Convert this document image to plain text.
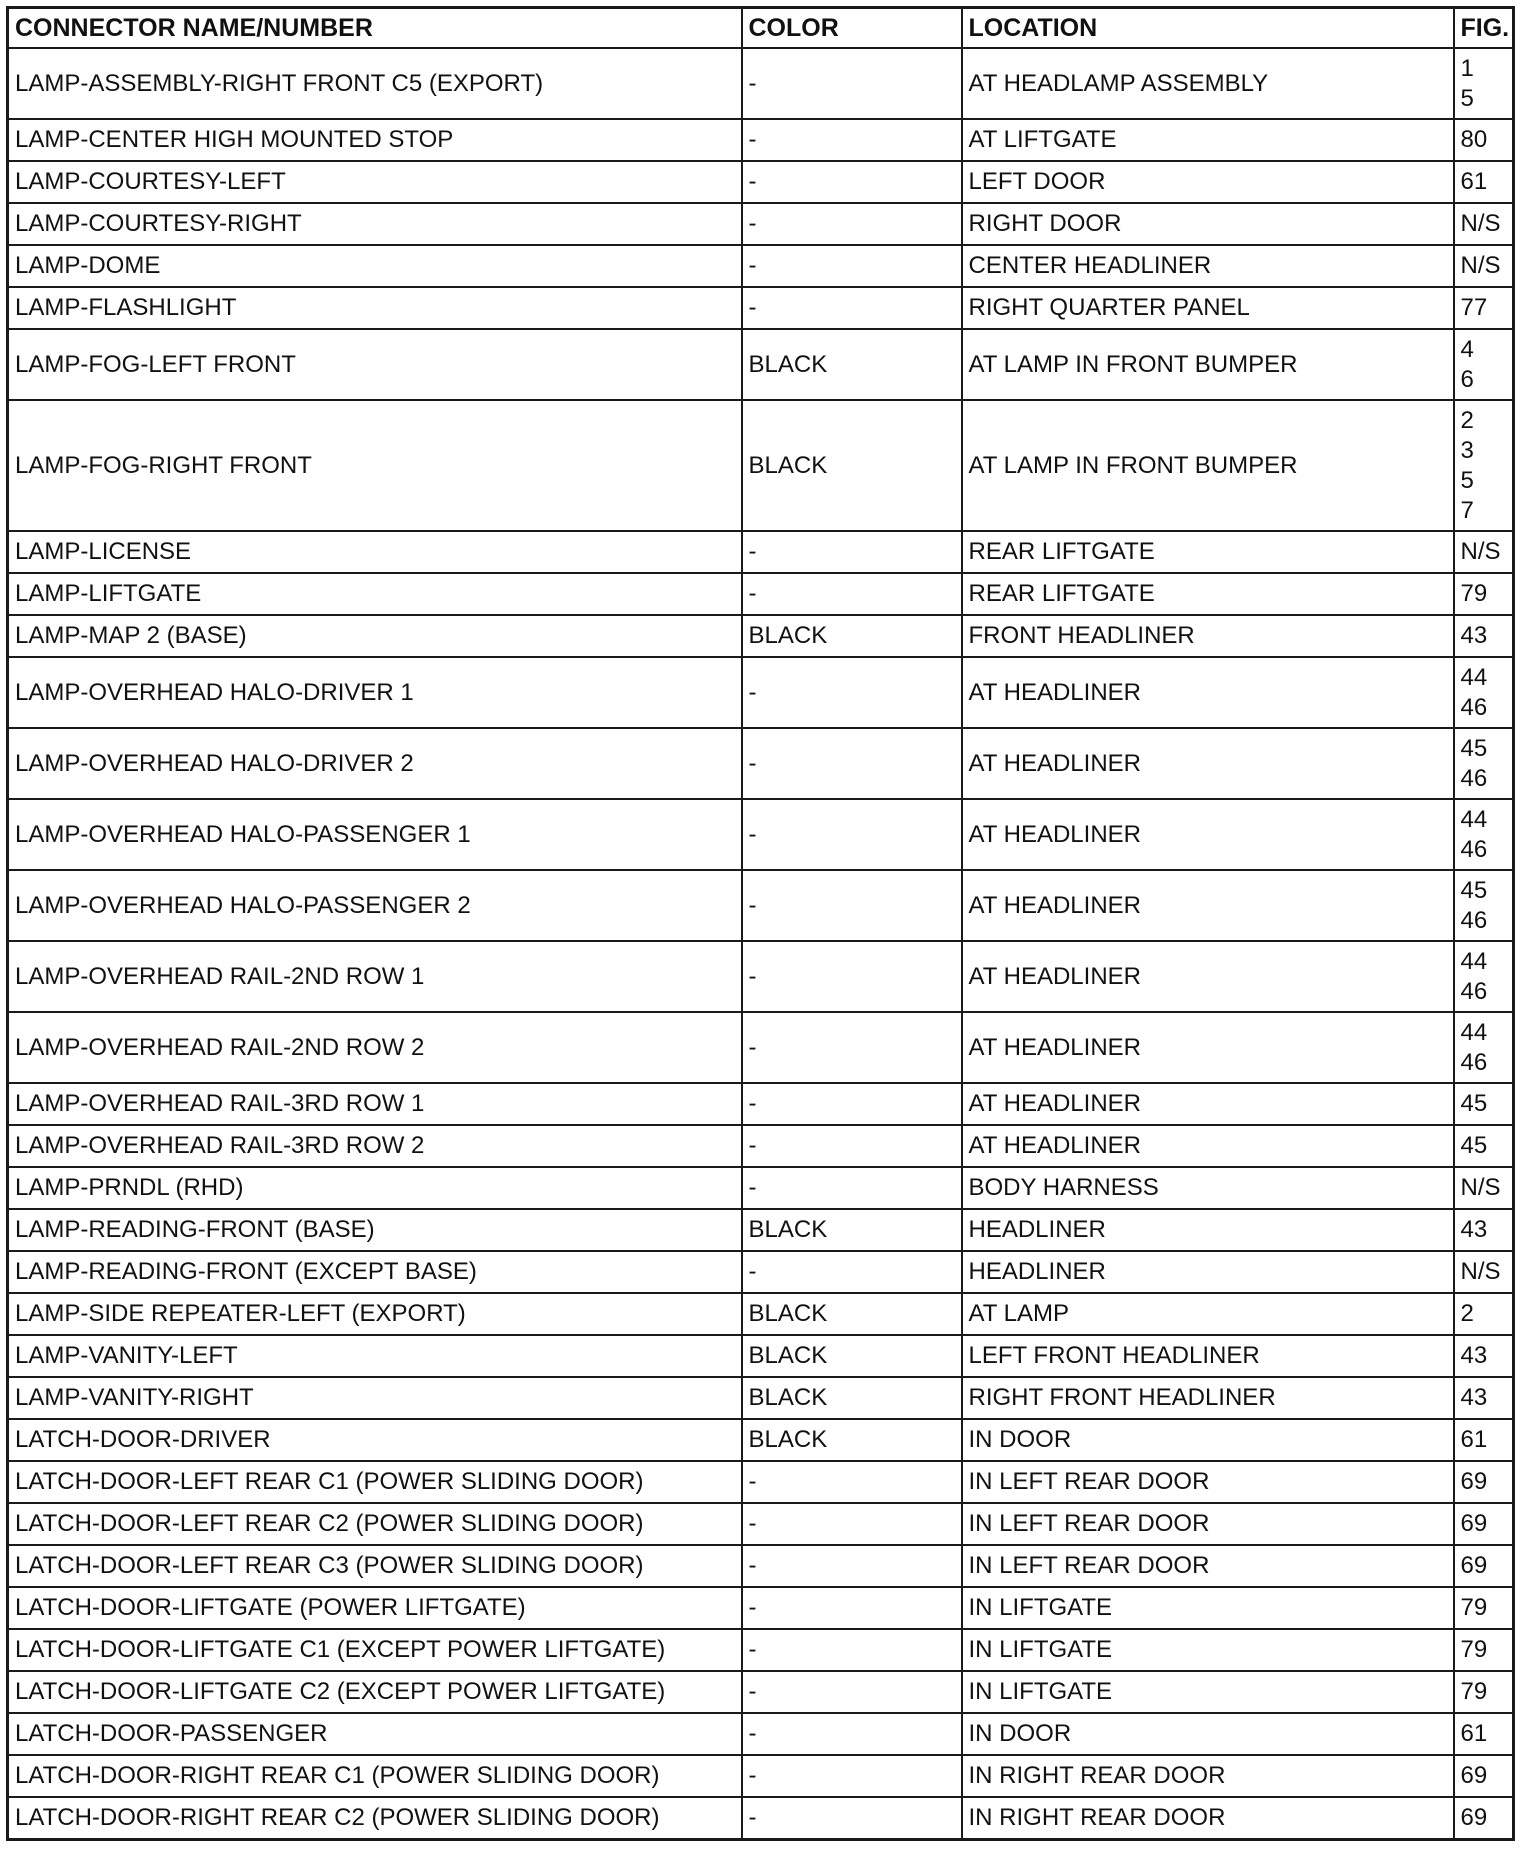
CONNECTOR NAME/NUMBER	COLOR	LOCATION	FIG.
LAMP-ASSEMBLY-RIGHT FRONT C5 (EXPORT)	-	AT HEADLAMP ASSEMBLY	1
5

LAMP-CENTER HIGH MOUNTED STOP	-	AT LIFTGATE	80

LAMP-COURTESY-LEFT	-	LEFT DOOR	61

LAMP-COURTESY-RIGHT	-	RIGHT DOOR	N/S

LAMP-DOME	-	CENTER HEADLINER	N/S

LAMP-FLASHLIGHT	-	RIGHT QUARTER PANEL	77

LAMP-FOG-LEFT FRONT	BLACK	AT LAMP IN FRONT BUMPER	4
6

LAMP-FOG-RIGHT FRONT	BLACK	AT LAMP IN FRONT BUMPER	2
3
5
7

LAMP-LICENSE	-	REAR LIFTGATE	N/S

LAMP-LIFTGATE	-	REAR LIFTGATE	79

LAMP-MAP 2 (BASE)	BLACK	FRONT HEADLINER	43

LAMP-OVERHEAD HALO-DRIVER 1	-	AT HEADLINER	44
46

LAMP-OVERHEAD HALO-DRIVER 2	-	AT HEADLINER	45
46

LAMP-OVERHEAD HALO-PASSENGER 1	-	AT HEADLINER	44
46

LAMP-OVERHEAD HALO-PASSENGER 2	-	AT HEADLINER	45
46

LAMP-OVERHEAD RAIL-2ND ROW 1	-	AT HEADLINER	44
46

LAMP-OVERHEAD RAIL-2ND ROW 2	-	AT HEADLINER	44
46

LAMP-OVERHEAD RAIL-3RD ROW 1	-	AT HEADLINER	45

LAMP-OVERHEAD RAIL-3RD ROW 2	-	AT HEADLINER	45

LAMP-PRNDL (RHD)	-	BODY HARNESS	N/S

LAMP-READING-FRONT (BASE)	BLACK	HEADLINER	43

LAMP-READING-FRONT (EXCEPT BASE)	-	HEADLINER	N/S

LAMP-SIDE REPEATER-LEFT (EXPORT)	BLACK	AT LAMP	2

LAMP-VANITY-LEFT	BLACK	LEFT FRONT HEADLINER	43

LAMP-VANITY-RIGHT	BLACK	RIGHT FRONT HEADLINER	43

LATCH-DOOR-DRIVER	BLACK	IN DOOR	61

LATCH-DOOR-LEFT REAR C1 (POWER SLIDING DOOR)	-	IN LEFT REAR DOOR	69

LATCH-DOOR-LEFT REAR C2 (POWER SLIDING DOOR)	-	IN LEFT REAR DOOR	69

LATCH-DOOR-LEFT REAR C3 (POWER SLIDING DOOR)	-	IN LEFT REAR DOOR	69

LATCH-DOOR-LIFTGATE (POWER LIFTGATE)	-	IN LIFTGATE	79

LATCH-DOOR-LIFTGATE C1 (EXCEPT POWER LIFTGATE)	-	IN LIFTGATE	79

LATCH-DOOR-LIFTGATE C2 (EXCEPT POWER LIFTGATE)	-	IN LIFTGATE	79

LATCH-DOOR-PASSENGER	-	IN DOOR	61

LATCH-DOOR-RIGHT REAR C1 (POWER SLIDING DOOR)	-	IN RIGHT REAR DOOR	69

LATCH-DOOR-RIGHT REAR C2 (POWER SLIDING DOOR)	-	IN RIGHT REAR DOOR	69
